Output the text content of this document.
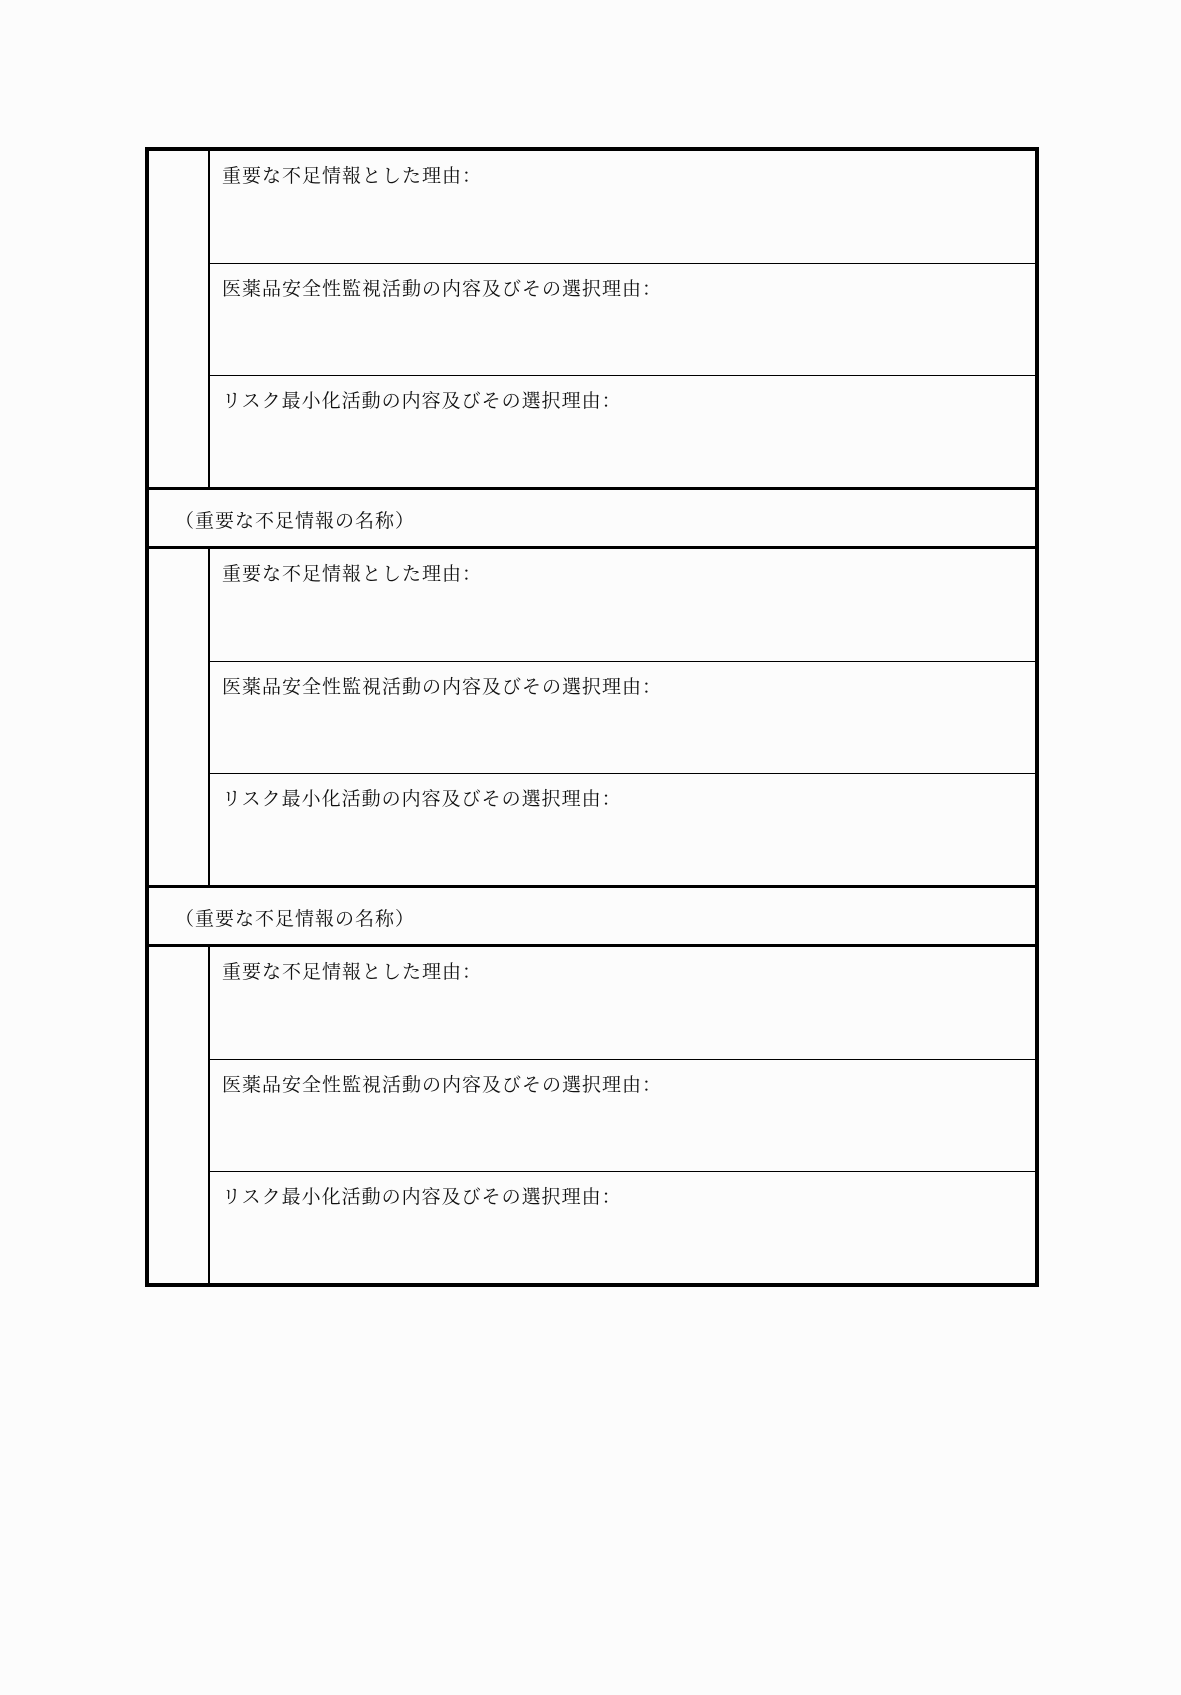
重要な不足情報とした理由：
医薬品安全性監視活動の内容及びその選択理由：
リスク最小化活動の内容及びその選択理由：
（重要な不足情報の名称）
重要な不足情報とした理由：
医薬品安全性監視活動の内容及びその選択理由：
リスク最小化活動の内容及びその選択理由：
（重要な不足情報の名称）
重要な不足情報とした理由：
医薬品安全性監視活動の内容及びその選択理由：
リスク最小化活動の内容及びその選択理由：
